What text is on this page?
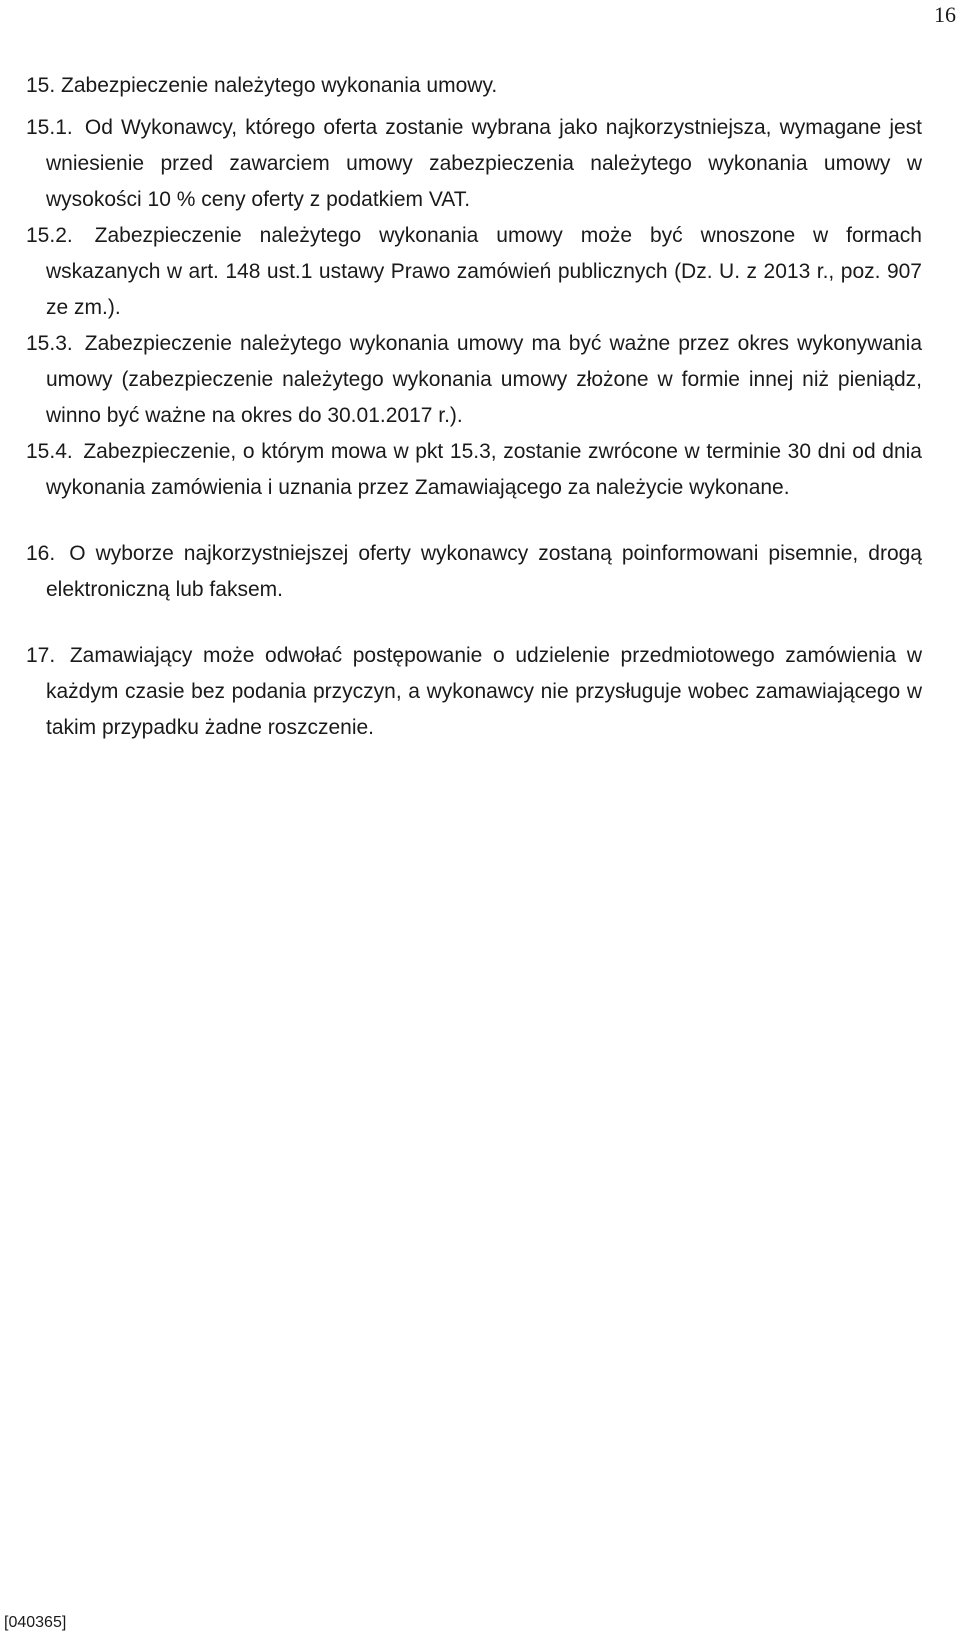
16

15. Zabezpieczenie należytego wykonania umowy.

15.1. Od Wykonawcy, którego oferta zostanie wybrana jako najkorzystniejsza, wymagane jest wniesienie przed zawarciem umowy zabezpieczenia należytego wykonania umowy w wysokości 10 % ceny oferty z podatkiem VAT.

15.2. Zabezpieczenie należytego wykonania umowy może być wnoszone w formach wskazanych w art. 148 ust.1 ustawy Prawo zamówień publicznych (Dz. U. z 2013 r., poz. 907 ze zm.).

15.3. Zabezpieczenie należytego wykonania umowy ma być ważne przez okres wykonywania umowy (zabezpieczenie należytego wykonania umowy złożone w formie innej niż pieniądz, winno być ważne na okres do 30.01.2017 r.).

15.4. Zabezpieczenie, o którym mowa w pkt 15.3, zostanie zwrócone w terminie 30 dni od dnia wykonania zamówienia i uznania przez Zamawiającego za należycie wykonane.

16. O wyborze najkorzystniejszej oferty wykonawcy zostaną poinformowani pisemnie, drogą elektroniczną lub faksem.

17. Zamawiający może odwołać postępowanie o udzielenie przedmiotowego zamówienia w każdym czasie bez podania przyczyn, a wykonawcy nie przysługuje wobec zamawiającego w takim przypadku żadne roszczenie.

[040365]
